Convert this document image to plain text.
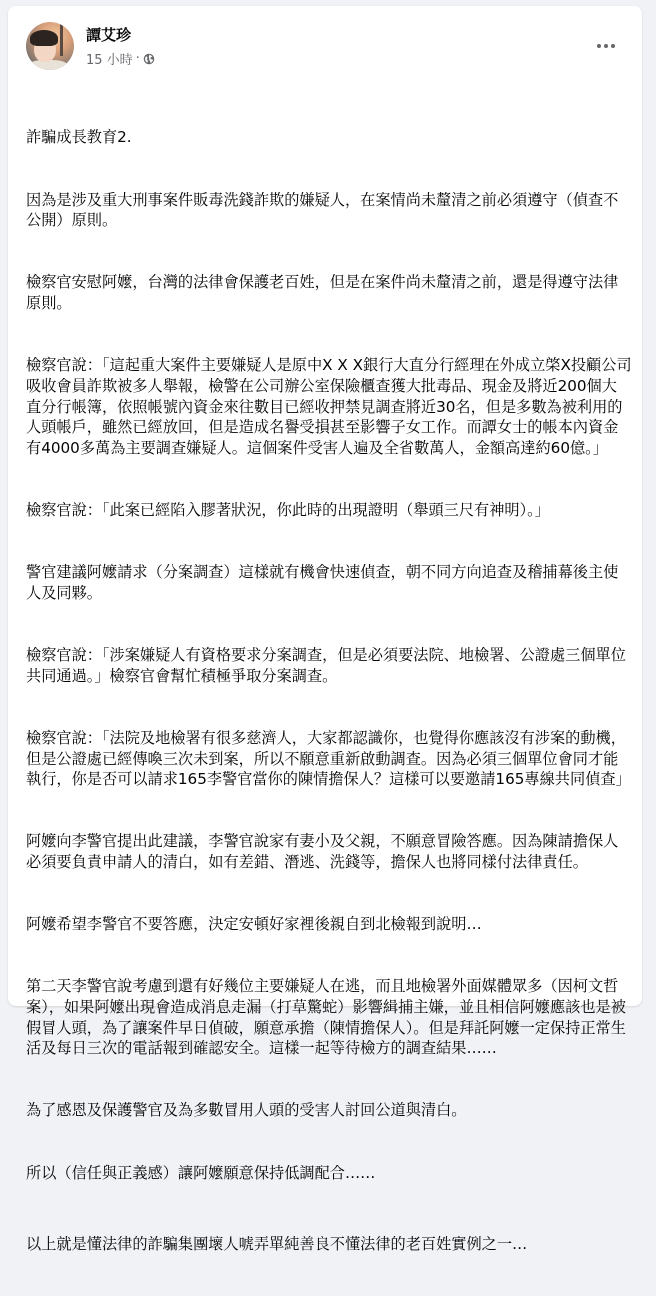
譚艾珍
15 小時 ·

詐騙成長教育2.

因為是涉及重大刑事案件販毒洗錢詐欺的嫌疑人，在案情尚未釐清之前必須遵守（偵查不公開）原則。

檢察官安慰阿嬤，台灣的法律會保護老百姓，但是在案件尚未釐清之前，還是得遵守法律原則。

檢察官說：「這起重大案件主要嫌疑人是原中X X X銀行大直分行經理在外成立棨X投顧公司吸收會員詐欺被多人舉報，檢警在公司辦公室保險櫃查獲大批毒品、現金及將近200個大直分行帳簿，依照帳號內資金來往數目已經收押禁見調查將近30名，但是多數為被利用的人頭帳戶，雖然已經放回，但是造成名譽受損甚至影響子女工作。而譚女士的帳本內資金有4000多萬為主要調查嫌疑人。這個案件受害人遍及全省數萬人，金額高達約60億。」

檢察官說：「此案已經陷入膠著狀況，你此時的出現證明（舉頭三尺有神明）。」

警官建議阿嬤請求（分案調查）這樣就有機會快速偵查，朝不同方向追查及稽捕幕後主使人及同夥。

檢察官說：「涉案嫌疑人有資格要求分案調查，但是必須要法院、地檢署、公證處三個單位共同通過。」檢察官會幫忙積極爭取分案調查。

檢察官說：「法院及地檢署有很多慈濟人，大家都認識你，也覺得你應該沒有涉案的動機，但是公證處已經傳喚三次未到案，所以不願意重新啟動調查。因為必須三個單位會同才能執行，你是否可以請求165李警官當你的陳情擔保人？這樣可以要邀請165專線共同偵查」

阿嬤向李警官提出此建議，李警官說家有妻小及父親，不願意冒險答應。因為陳請擔保人必須要負責申請人的清白，如有差錯、潛逃、洗錢等，擔保人也將同樣付法律責任。

阿嬤希望李警官不要答應，決定安頓好家裡後親自到北檢報到說明…

第二天李警官說考慮到還有好幾位主要嫌疑人在逃，而且地檢署外面媒體眾多（因柯文哲案），如果阿嬤出現會造成消息走漏（打草驚蛇）影響緝捕主嫌，並且相信阿嬤應該也是被假冒人頭，為了讓案件早日偵破，願意承擔（陳情擔保人）。但是拜託阿嬤一定保持正常生活及每日三次的電話報到確認安全。這樣一起等待檢方的調查結果……

為了感恩及保護警官及為多數冒用人頭的受害人討回公道與清白。

所以（信任與正義感）讓阿嬤願意保持低調配合……

以上就是懂法律的詐騙集團壞人唬弄單純善良不懂法律的老百姓實例之一…
